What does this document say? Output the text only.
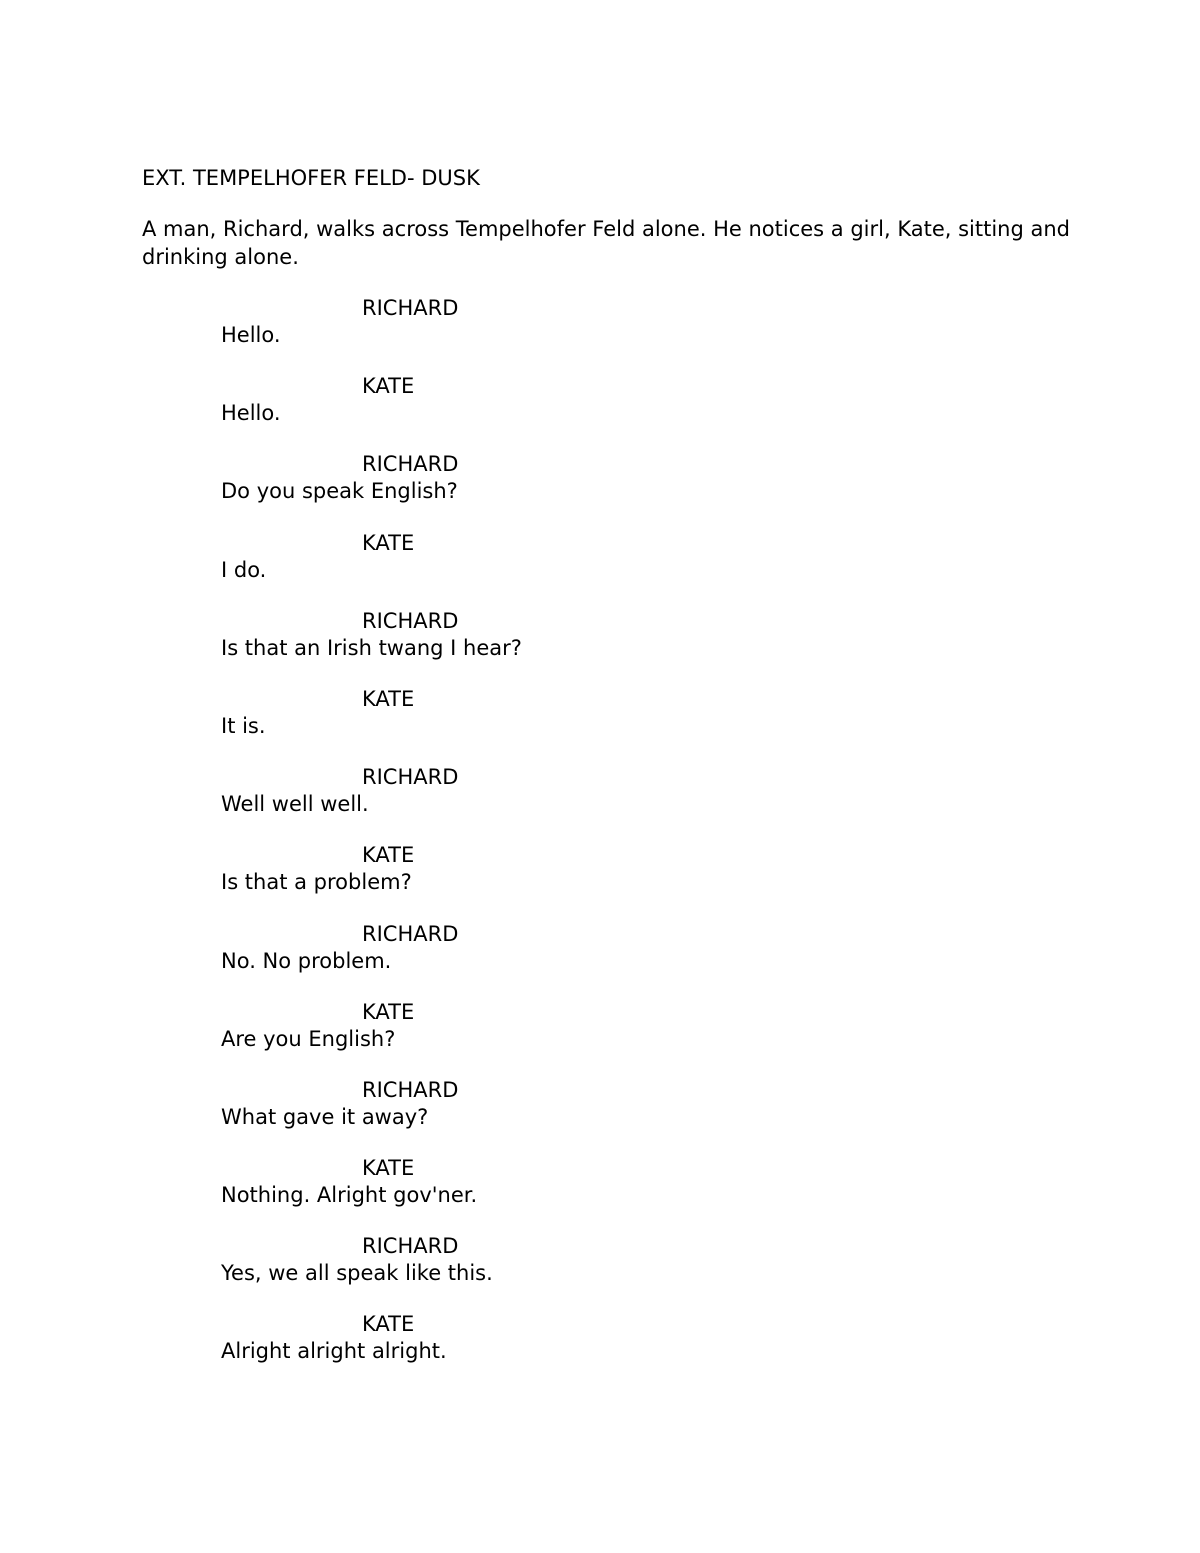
EXT. TEMPELHOFER FELD- DUSK

A man, Richard, walks across Tempelhofer Feld alone. He notices a girl, Kate, sitting and drinking alone.

RICHARD

Hello.

KATE

Hello.

RICHARD

Do you speak English?

KATE

I do.

RICHARD

Is that an Irish twang I hear?

KATE

It is.

RICHARD

Well well well.

KATE

Is that a problem?

RICHARD

No. No problem.

KATE

Are you English?

RICHARD

What gave it away?

KATE

Nothing. Alright gov'ner.

RICHARD

Yes, we all speak like this.

KATE

Alright alright alright.
